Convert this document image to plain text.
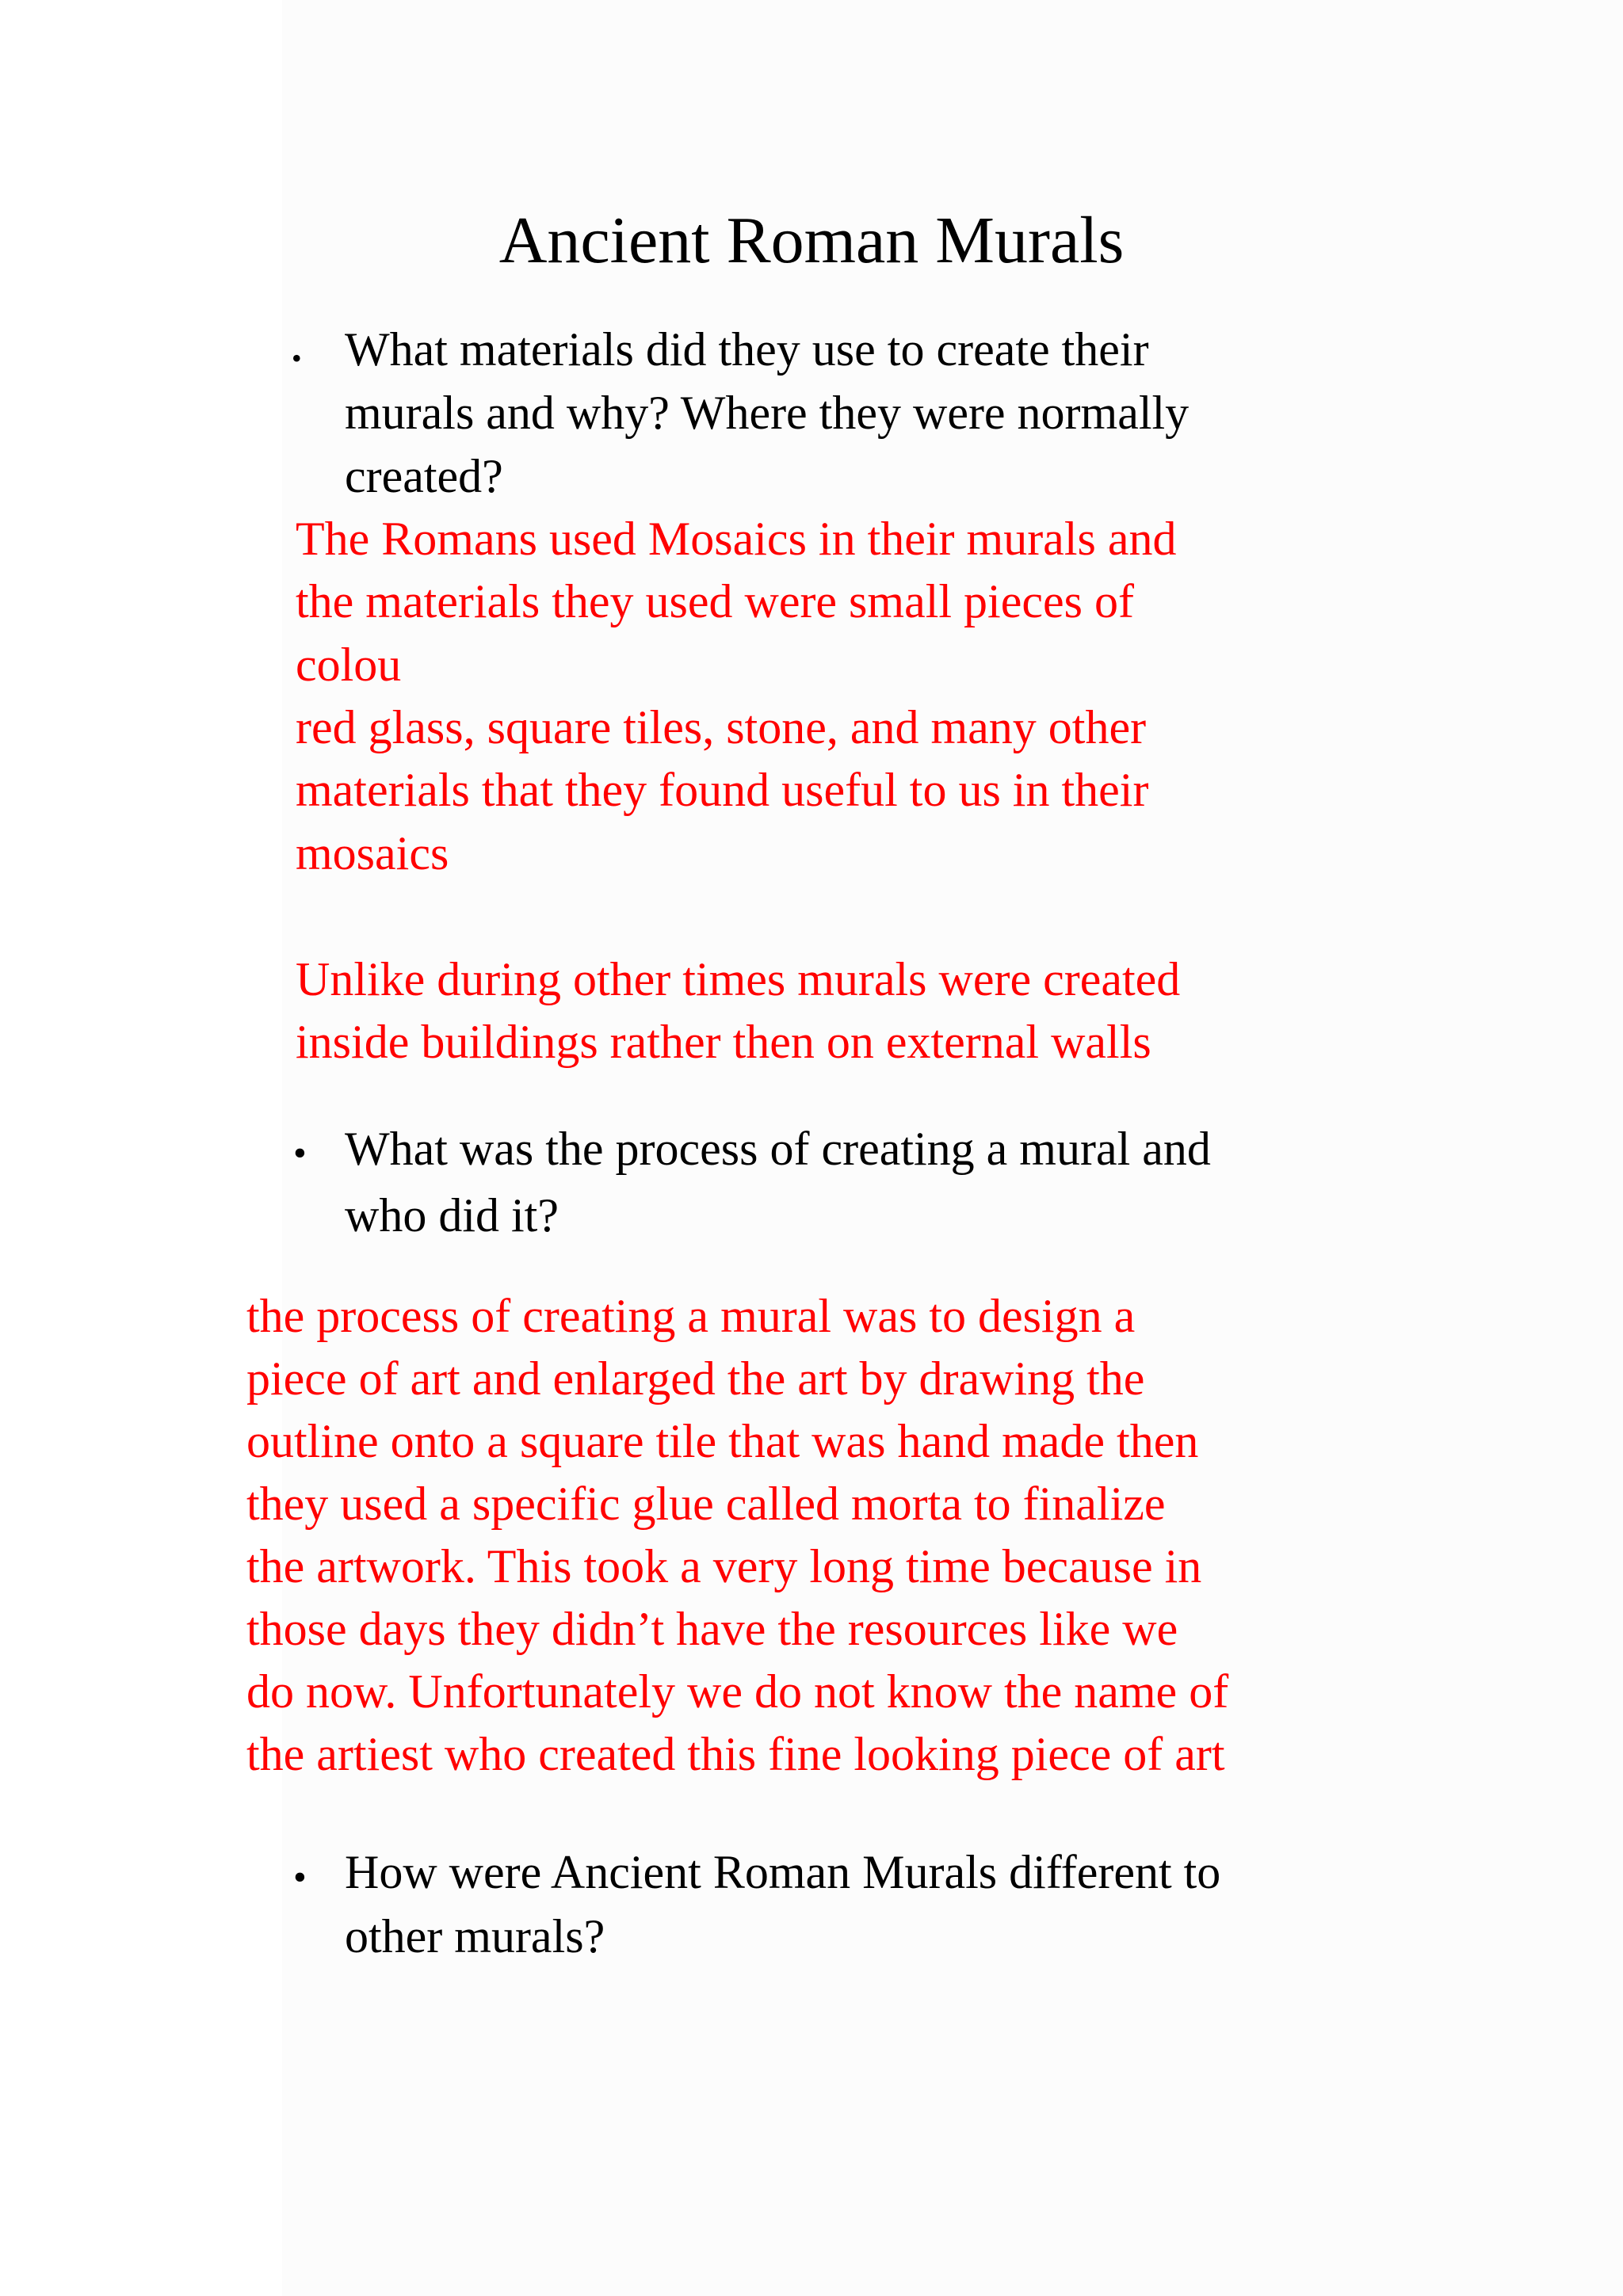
Ancient Roman Murals
• What materials did they use to create their

murals and why? Where they were normally

created?

The Romans used Mosaics in their murals and

the materials they used were small pieces of

colou

red glass, square tiles, stone, and many other

materials that they found useful to us in their

mosaics

Unlike during other times murals were created

inside buildings rather then on external walls

• What was the process of creating a mural and

who did it?

the process of creating a mural was to design a

piece of art and enlarged the art by drawing the

outline onto a square tile that was hand made then

they used a specific glue called morta to finalize

the artwork. This took a very long time because in

those days they didn’t have the resources like we

do now. Unfortunately we do not know the name of

the artiest who created this fine looking piece of art

• How were Ancient Roman Murals different to

other murals?
